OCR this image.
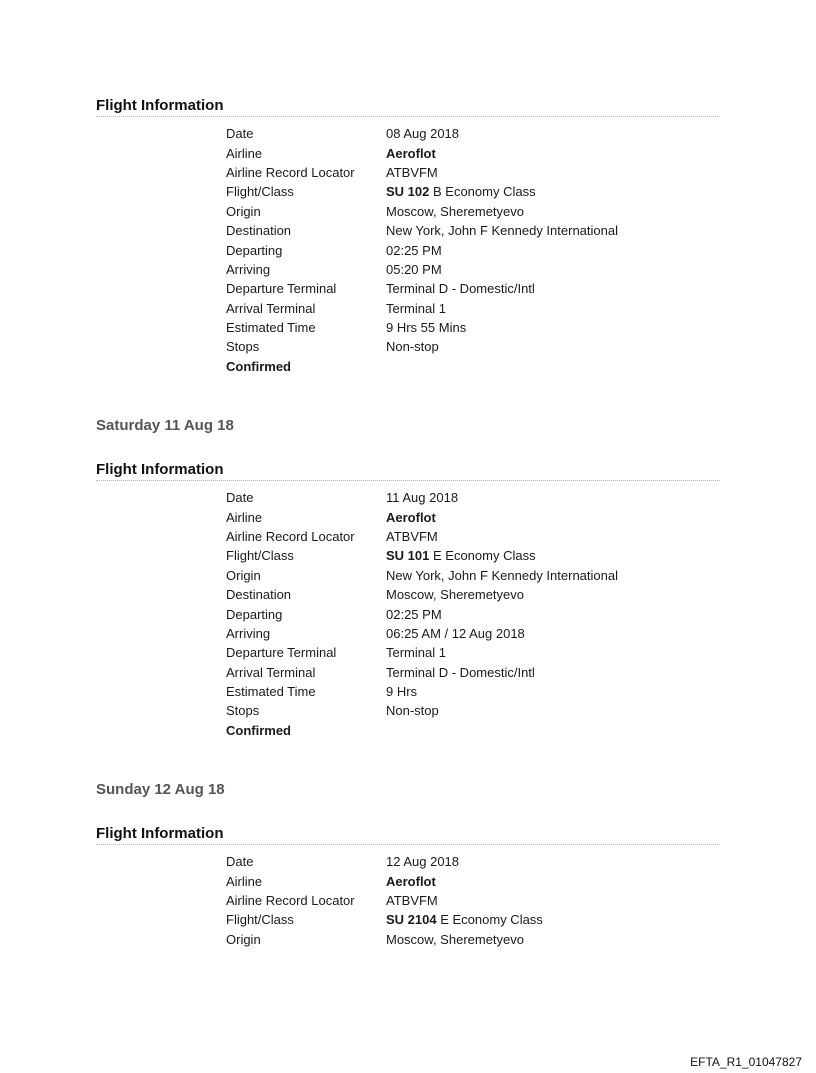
Flight Information
Date	08 Aug 2018
Airline	Aeroflot
Airline Record Locator	ATBVFM
Flight/Class	SU 102 B Economy Class
Origin	Moscow, Sheremetyevo
Destination	New York, John F Kennedy International
Departing	02:25 PM
Arriving	05:20 PM
Departure Terminal	Terminal D - Domestic/Intl
Arrival Terminal	Terminal 1
Estimated Time	9 Hrs 55 Mins
Stops	Non-stop
Confirmed
Saturday 11 Aug 18
Flight Information
Date	11 Aug 2018
Airline	Aeroflot
Airline Record Locator	ATBVFM
Flight/Class	SU 101 E Economy Class
Origin	New York, John F Kennedy International
Destination	Moscow, Sheremetyevo
Departing	02:25 PM
Arriving	06:25 AM / 12 Aug 2018
Departure Terminal	Terminal 1
Arrival Terminal	Terminal D - Domestic/Intl
Estimated Time	9 Hrs
Stops	Non-stop
Confirmed
Sunday 12 Aug 18
Flight Information
Date	12 Aug 2018
Airline	Aeroflot
Airline Record Locator	ATBVFM
Flight/Class	SU 2104 E Economy Class
Origin	Moscow, Sheremetyevo
EFTA_R1_01047827
